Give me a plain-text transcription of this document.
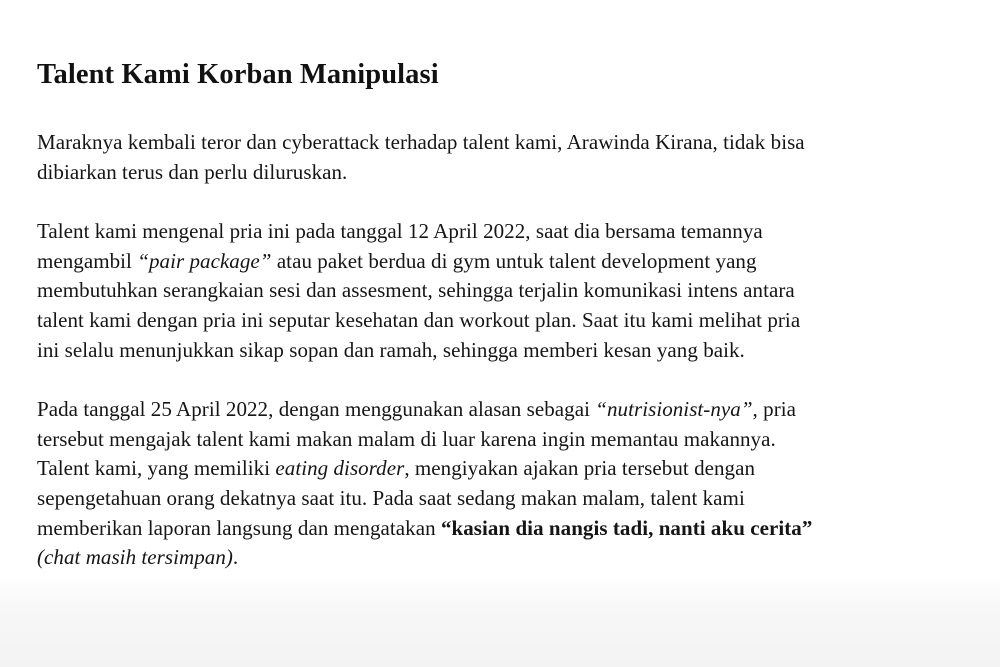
Talent Kami Korban Manipulasi

Maraknya kembali teror dan cyberattack terhadap talent kami, Arawinda Kirana, tidak bisa
dibiarkan terus dan perlu diluruskan.

Talent kami mengenal pria ini pada tanggal 12 April 2022, saat dia bersama temannya
mengambil “pair package” atau paket berdua di gym untuk talent development yang
membutuhkan serangkaian sesi dan assesment, sehingga terjalin komunikasi intens antara
talent kami dengan pria ini seputar kesehatan dan workout plan. Saat itu kami melihat pria
ini selalu menunjukkan sikap sopan dan ramah, sehingga memberi kesan yang baik.

Pada tanggal 25 April 2022, dengan menggunakan alasan sebagai “nutrisionist-nya”, pria
tersebut mengajak talent kami makan malam di luar karena ingin memantau makannya.
Talent kami, yang memiliki eating disorder, mengiyakan ajakan pria tersebut dengan
sepengetahuan orang dekatnya saat itu. Pada saat sedang makan malam, talent kami
memberikan laporan langsung dan mengatakan “kasian dia nangis tadi, nanti aku cerita”
(chat masih tersimpan).
